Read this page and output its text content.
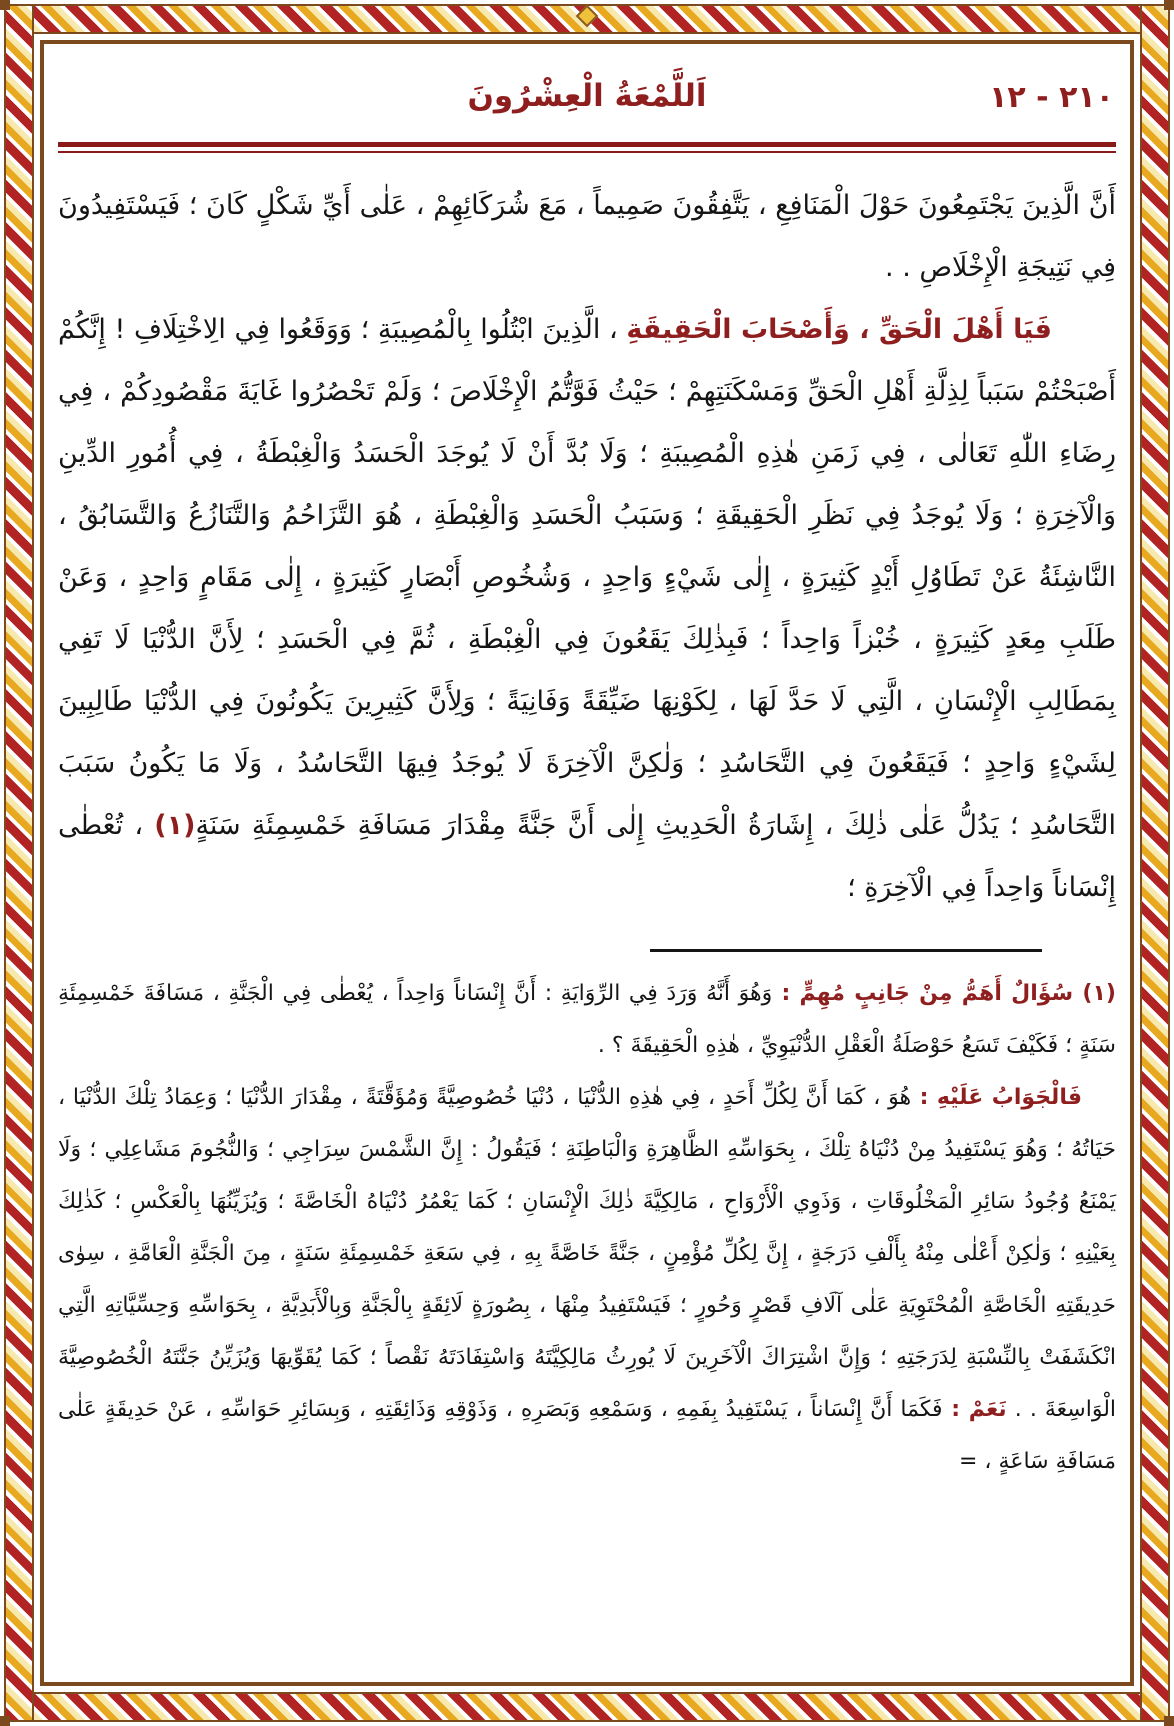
٢١٠ - ١٢
اَللَّمْعَةُ الْعِشْرُونَ

أَنَّ الَّذِينَ يَجْتَمِعُونَ حَوْلَ الْمَنَافِعِ ، يَتَّفِقُونَ صَمِيماً ، مَعَ شُرَكَائِهِمْ ، عَلٰى أَيِّ شَكْلٍ كَانَ ؛ فَيَسْتَفِيدُونَ فِي نَتِيجَةِ الْإِخْلَاصِ . .

فَيَا أَهْلَ الْحَقِّ ، وَأَصْحَابَ الْحَقِيقَةِ ، الَّذِينَ ابْتُلُوا بِالْمُصِيبَةِ ؛ وَوَقَعُوا فِي الِاخْتِلَافِ ! إِنَّكُمْ أَصْبَحْتُمْ سَبَباً لِذِلَّةِ أَهْلِ الْحَقِّ وَمَسْكَنَتِهِمْ ؛ حَيْثُ فَوَّتُّمُ الْإِخْلَاصَ ؛ وَلَمْ تَحْصُرُوا غَايَةَ مَقْصُودِكُمْ ، فِي رِضَاءِ اللّٰهِ تَعَالٰى ، فِي زَمَنِ هٰذِهِ الْمُصِيبَةِ ؛ وَلَا بُدَّ أَنْ لَا يُوجَدَ الْحَسَدُ وَالْغِبْطَةُ ، فِي أُمُورِ الدِّينِ وَالْآخِرَةِ ؛ وَلَا يُوجَدُ فِي نَظَرِ الْحَقِيقَةِ ؛ وَسَبَبُ الْحَسَدِ وَالْغِبْطَةِ ، هُوَ التَّزَاحُمُ وَالتَّنَازُعُ وَالتَّسَابُقُ ، النَّاشِئَةُ عَنْ تَطَاوُلِ أَيْدٍ كَثِيرَةٍ ، إِلٰى شَيْءٍ وَاحِدٍ ، وَشُخُوصِ أَبْصَارٍ كَثِيرَةٍ ، إِلٰى مَقَامٍ وَاحِدٍ ، وَعَنْ طَلَبِ مِعَدٍ كَثِيرَةٍ ، خُبْزاً وَاحِداً ؛ فَبِذٰلِكَ يَقَعُونَ فِي الْغِبْطَةِ ، ثُمَّ فِي الْحَسَدِ ؛ لِأَنَّ الدُّنْيَا لَا تَفِي بِمَطَالِبِ الْإِنْسَانِ ، الَّتِي لَا حَدَّ لَهَا ، لِكَوْنِهَا ضَيِّقَةً وَفَانِيَةً ؛ وَلِأَنَّ كَثِيرِينَ يَكُونُونَ فِي الدُّنْيَا طَالِبِينَ لِشَيْءٍ وَاحِدٍ ؛ فَيَقَعُونَ فِي التَّحَاسُدِ ؛ وَلٰكِنَّ الْآخِرَةَ لَا يُوجَدُ فِيهَا التَّحَاسُدُ ، وَلَا مَا يَكُونُ سَبَبَ التَّحَاسُدِ ؛ يَدُلُّ عَلٰى ذٰلِكَ ، إِشَارَةُ الْحَدِيثِ إِلٰى أَنَّ جَنَّةً مِقْدَارَ مَسَافَةِ خَمْسِمِئَةِ سَنَةٍ(١) ، تُعْطٰى إِنْسَاناً وَاحِداً فِي الْآخِرَةِ ؛

(١) سُؤَالٌ أَهَمُّ مِنْ جَانِبٍ مُهِمٍّ : وَهُوَ أَنَّهُ وَرَدَ فِي الرِّوَايَةِ : أَنَّ إِنْسَاناً وَاحِداً ، يُعْطٰى فِي الْجَنَّةِ ، مَسَافَةَ خَمْسِمِئَةِ سَنَةٍ ؛ فَكَيْفَ تَسَعُ حَوْصَلَةُ الْعَقْلِ الدُّنْيَوِيِّ ، هٰذِهِ الْحَقِيقَةَ ؟ .

فَالْجَوَابُ عَلَيْهِ : هُوَ ، كَمَا أَنَّ لِكُلِّ أَحَدٍ ، فِي هٰذِهِ الدُّنْيَا ، دُنْيَا خُصُوصِيَّةً وَمُؤَقَّتَةً ، مِقْدَارَ الدُّنْيَا ؛ وَعِمَادُ تِلْكَ الدُّنْيَا ، حَيَاتُهُ ؛ وَهُوَ يَسْتَفِيدُ مِنْ دُنْيَاهُ تِلْكَ ، بِحَوَاسِّهِ الظَّاهِرَةِ وَالْبَاطِنَةِ ؛ فَيَقُولُ : إِنَّ الشَّمْسَ سِرَاجِي ؛ وَالنُّجُومَ مَشَاعِلِي ؛ وَلَا يَمْنَعُ وُجُودُ سَائِرِ الْمَخْلُوقَاتِ ، وَذَوِي الْأَرْوَاحِ ، مَالِكِيَّةَ ذٰلِكَ الْإِنْسَانِ ؛ كَمَا يَعْمُرُ دُنْيَاهُ الْخَاصَّةَ ؛ وَيُزَيِّنُهَا بِالْعَكْسِ ؛ كَذٰلِكَ بِعَيْنِهِ ؛ وَلٰكِنْ أَعْلٰى مِنْهُ بِأَلْفِ دَرَجَةٍ ، إِنَّ لِكُلِّ مُؤْمِنٍ ، جَنَّةً خَاصَّةً بِهِ ، فِي سَعَةِ خَمْسِمِئَةِ سَنَةٍ ، مِنَ الْجَنَّةِ الْعَامَّةِ ، سِوٰى حَدِيقَتِهِ الْخَاصَّةِ الْمُحْتَوِيَةِ عَلٰى آلَافِ قَصْرٍ وَحُورٍ ؛ فَيَسْتَفِيدُ مِنْهَا ، بِصُورَةٍ لَائِقَةٍ بِالْجَنَّةِ وَبِالْأَبَدِيَّةِ ، بِحَوَاسِّهِ وَحِسِّيَّاتِهِ الَّتِي انْكَشَفَتْ بِالنِّسْبَةِ لِدَرَجَتِهِ ؛ وَإِنَّ اشْتِرَاكَ الْآخَرِينَ لَا يُورِثُ مَالِكِيَّتَهُ وَاسْتِفَادَتَهُ نَقْصاً ؛ كَمَا يُقَوِّيهَا وَيُزَيِّنُ جَنَّتَهُ الْخُصُوصِيَّةَ الْوَاسِعَةَ . . نَعَمْ : فَكَمَا أَنَّ إِنْسَاناً ، يَسْتَفِيدُ بِفَمِهِ ، وَسَمْعِهِ وَبَصَرِهِ ، وَذَوْقِهِ وَذَائِقَتِهِ ، وَبِسَائِرِ حَوَاسِّهِ ، عَنْ حَدِيقَةٍ عَلٰى مَسَافَةِ سَاعَةٍ ، =
